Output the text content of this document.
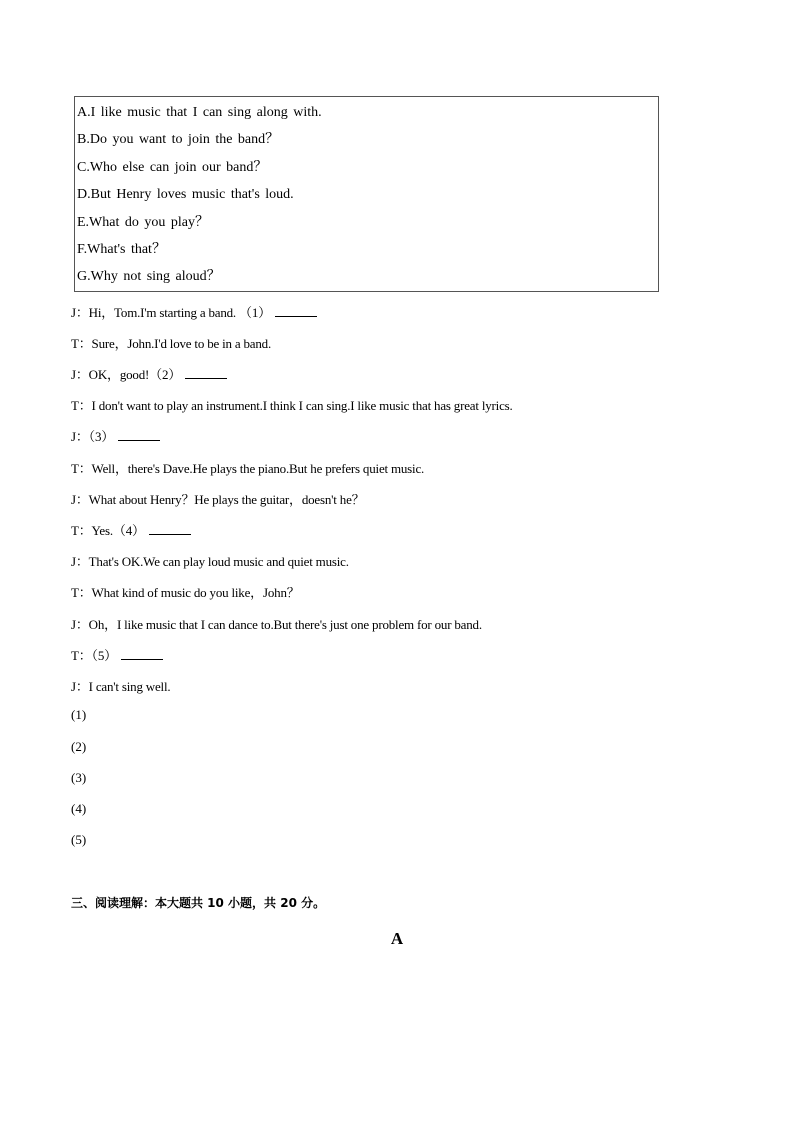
A.I like music that I can sing along with.
B.Do you want to join the band？
C.Who else can join our band？
D.But Henry loves music that's loud.
E.What do you play？
F.What's that？
G.Why not sing aloud？
J：Hi，Tom.I'm starting a band. （1）
T：Sure，John.I'd love to be in a band.
J：OK，good!（2）
T：I don't want to play an instrument.I think I can sing.I like music that has great lyrics.
J：（3）
T：Well，there's Dave.He plays the piano.But he prefers quiet music.
J：What about Henry？He plays the guitar，doesn't he？
T：Yes.（4）
J：That's OK.We can play loud music and quiet music.
T：What kind of music do you like，John？
J：Oh，I like music that I can dance to.But there's just one problem for our band.
T：（5）
J：I can't sing well.
(1)
(2)
(3)
(4)
(5)
三、阅读理解：本大题共 10 小题，共 20 分。
A
